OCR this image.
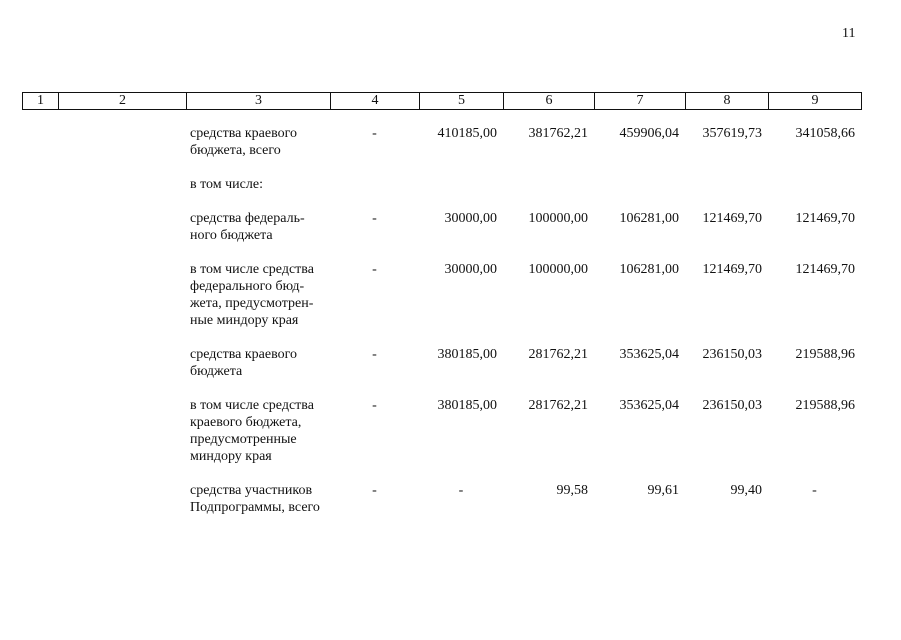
11
1	2	3	4	5	6	7	8	9

		средства краевого
бюджета, всего	-	410185,00	381762,21	459906,04	357619,73	341058,66

		в том числе:						

		средства федераль-
ного бюджета	-	30000,00	100000,00	106281,00	121469,70	121469,70

		в том числе средства
федерального бюд-
жета, предусмотрен-
ные миндору края	-	30000,00	100000,00	106281,00	121469,70	121469,70

		средства краевого
бюджета	-	380185,00	281762,21	353625,04	236150,03	219588,96

		в том числе средства
краевого бюджета,
предусмотренные
миндору края	-	380185,00	281762,21	353625,04	236150,03	219588,96

		средства участников
Подпрограммы, всего	-	-	99,58	99,61	99,40	-
